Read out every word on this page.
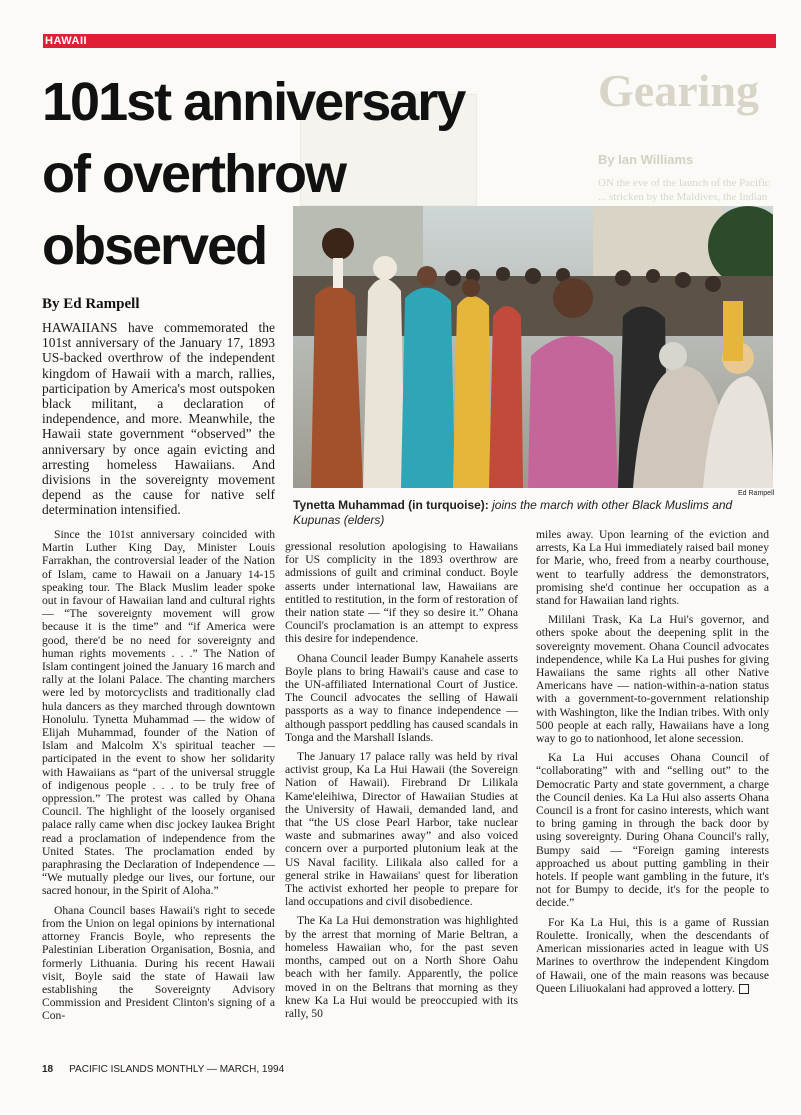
HAWAII
Gearing
By Ian Williams
ON the eve of the launch of the Pacific ... stricken by the Maldives, the Indian
101st anniversary
of overthrow
observed
By Ed Rampell
Ed Rampell
Tynetta Muhammad (in turquoise): joins the march with other Black Muslims and Kupunas (elders)

HAWAIIANS have commemorated the 101st anniversary of the January 17, 1893 US-backed overthrow of the independent kingdom of Hawaii with a march, rallies, participation by America's most outspoken black militant, a declaration of independence, and more. Meanwhile, the Hawaii state government “observed” the anniversary by once again evicting and arresting homeless Hawaiians. And divisions in the sovereignty movement depend as the cause for native self determination intensified.

Since the 101st anniversary coincided with Martin Luther King Day, Minister Louis Farrakhan, the controversial leader of the Nation of Islam, came to Hawaii on a January 14-15 speaking tour. The Black Muslim leader spoke out in favour of Hawaiian land and cultural rights — “The sovereignty movement will grow because it is the time” and “if America were good, there'd be no need for sovereignty and human rights movements . . .” The Nation of Islam contingent joined the January 16 march and rally at the Iolani Palace. The chanting marchers were led by motorcyclists and traditionally clad hula dancers as they marched through downtown Honolulu. Tynetta Muhammad — the widow of Elijah Muhammad, founder of the Nation of Islam and Malcolm X's spiritual teacher — participated in the event to show her solidarity with Hawaiians as “part of the universal struggle of indigenous people . . . to be truly free of oppression.” The protest was called by Ohana Council. The highlight of the loosely organised palace rally came when disc jockey Iaukea Bright read a proclamation of independence from the United States. The proclamation ended by paraphrasing the Declaration of Independence — “We mutually pledge our lives, our fortune, our sacred honour, in the Spirit of Aloha.”

Ohana Council bases Hawaii's right to secede from the Union on legal opinions by international attorney Francis Boyle, who represents the Palestinian Liberation Organisation, Bosnia, and formerly Lithuania. During his recent Hawaii visit, Boyle said the state of Hawaii law establishing the Sovereignty Advisory Commission and President Clinton's signing of a Con-

gressional resolution apologising to Hawaiians for US complicity in the 1893 overthrow are admissions of guilt and criminal conduct. Boyle asserts under international law, Hawaiians are entitled to restitution, in the form of restoration of their nation state — “if they so desire it.” Ohana Council's proclamation is an attempt to express this desire for independence.

Ohana Council leader Bumpy Kanahele asserts Boyle plans to bring Hawaii's cause and case to the UN-affiliated International Court of Justice. The Council advocates the selling of Hawaii passports as a way to finance independence — although passport peddling has caused scandals in Tonga and the Marshall Islands.

The January 17 palace rally was held by rival activist group, Ka La Hui Hawaii (the Sovereign Nation of Hawaii). Firebrand Dr Lilikala Kame'eleihiwa, Director of Hawaiian Studies at the University of Hawaii, demanded land, and that “the US close Pearl Harbor, take nuclear waste and submarines away” and also voiced concern over a purported plutonium leak at the US Naval facility. Lilikala also called for a general strike in Hawaiians' quest for liberation The activist exhorted her people to prepare for land occupations and civil disobedience.

The Ka La Hui demonstration was highlighted by the arrest that morning of Marie Beltran, a homeless Hawaiian who, for the past seven months, camped out on a North Shore Oahu beach with her family. Apparently, the police moved in on the Beltrans that morning as they knew Ka La Hui would be preoccupied with its rally, 50

miles away. Upon learning of the eviction and arrests, Ka La Hui immediately raised bail money for Marie, who, freed from a nearby courthouse, went to tearfully address the demonstrators, promising she'd continue her occupation as a stand for Hawaiian land rights.

Mililani Trask, Ka La Hui's governor, and others spoke about the deepening split in the sovereignty movement. Ohana Council advocates independence, while Ka La Hui pushes for giving Hawaiians the same rights all other Native Americans have — nation-within-a-nation status with a government-to-government relationship with Washington, like the Indian tribes. With only 500 people at each rally, Hawaiians have a long way to go to nationhood, let alone secession.

Ka La Hui accuses Ohana Council of “collaborating” with and “selling out” to the Democratic Party and state government, a charge the Council denies. Ka La Hui also asserts Ohana Council is a front for casino interests, which want to bring gaming in through the back door by using sovereignty. During Ohana Council's rally, Bumpy said — “Foreign gaming interests approached us about putting gambling in their hotels. If people want gambling in the future, it's not for Bumpy to decide, it's for the people to decide.”

For Ka La Hui, this is a game of Russian Roulette. Ironically, when the descendants of American missionaries acted in league with US Marines to overthrow the independent Kingdom of Hawaii, one of the main reasons was because Queen Liliuokalani had approved a lottery.

18 PACIFIC ISLANDS MONTHLY — MARCH, 1994
